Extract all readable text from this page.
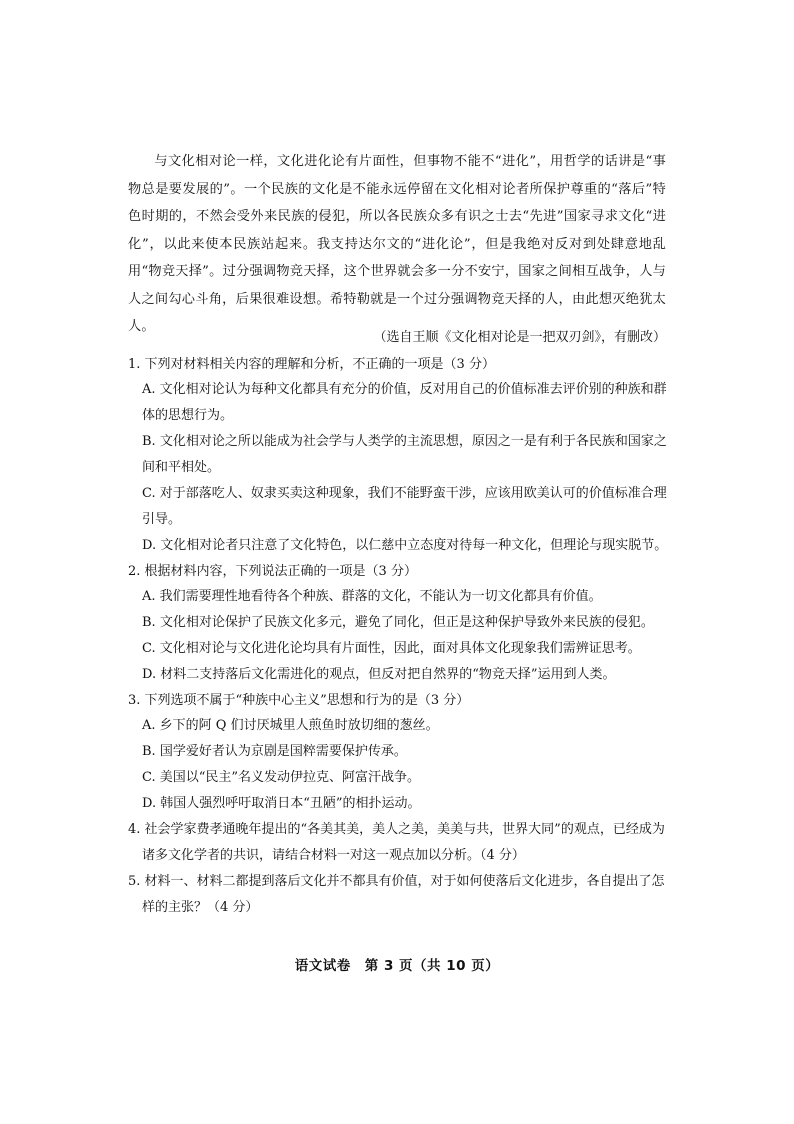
与文化相对论一样，文化进化论有片面性，但事物不能不“进化”，用哲学的话讲是“事物总是要发展的”。一个民族的文化是不能永远停留在文化相对论者所保护尊重的“落后”特色时期的，不然会受外来民族的侵犯，所以各民族众多有识之士去“先进”国家寻求文化“进化”，以此来使本民族站起来。我支持达尔文的“进化论”，但是我绝对反对到处肆意地乱用“物竞天择”。过分强调物竞天择，这个世界就会多一分不安宁，国家之间相互战争，人与人之间勾心斗角，后果很难设想。希特勒就是一个过分强调物竞天择的人，由此想灭绝犹太人。

（选自王顺《文化相对论是一把双刃剑》，有删改）
1. 下列对材料相关内容的理解和分析，不正确的一项是（3 分）
A. 文化相对论认为每种文化都具有充分的价值，反对用自己的价值标准去评价别的种族和群体的思想行为。
B. 文化相对论之所以能成为社会学与人类学的主流思想，原因之一是有利于各民族和国家之间和平相处。
C. 对于部落吃人、奴隶买卖这种现象，我们不能野蛮干涉，应该用欧美认可的价值标准合理引导。
D. 文化相对论者只注意了文化特色，以仁慈中立态度对待每一种文化，但理论与现实脱节。
2. 根据材料内容，下列说法正确的一项是（3 分）
A. 我们需要理性地看待各个种族、群落的文化，不能认为一切文化都具有价值。
B. 文化相对论保护了民族文化多元，避免了同化，但正是这种保护导致外来民族的侵犯。
C. 文化相对论与文化进化论均具有片面性，因此，面对具体文化现象我们需辨证思考。
D. 材料二支持落后文化需进化的观点，但反对把自然界的“物竞天择”运用到人类。
3. 下列选项不属于“种族中心主义”思想和行为的是（3 分）
A. 乡下的阿 Q 们讨厌城里人煎鱼时放切细的葱丝。
B. 国学爱好者认为京剧是国粹需要保护传承。
C. 美国以“民主”名义发动伊拉克、阿富汗战争。
D. 韩国人强烈呼吁取消日本“丑陋”的相扑运动。
4. 社会学家费孝通晚年提出的“各美其美，美人之美，美美与共，世界大同”的观点，已经成为诸多文化学者的共识，请结合材料一对这一观点加以分析。（4 分）
5. 材料一、材料二都提到落后文化并不都具有价值，对于如何使落后文化进步，各自提出了怎样的主张？（4 分）
语文试卷　第 3 页（共 10 页）
